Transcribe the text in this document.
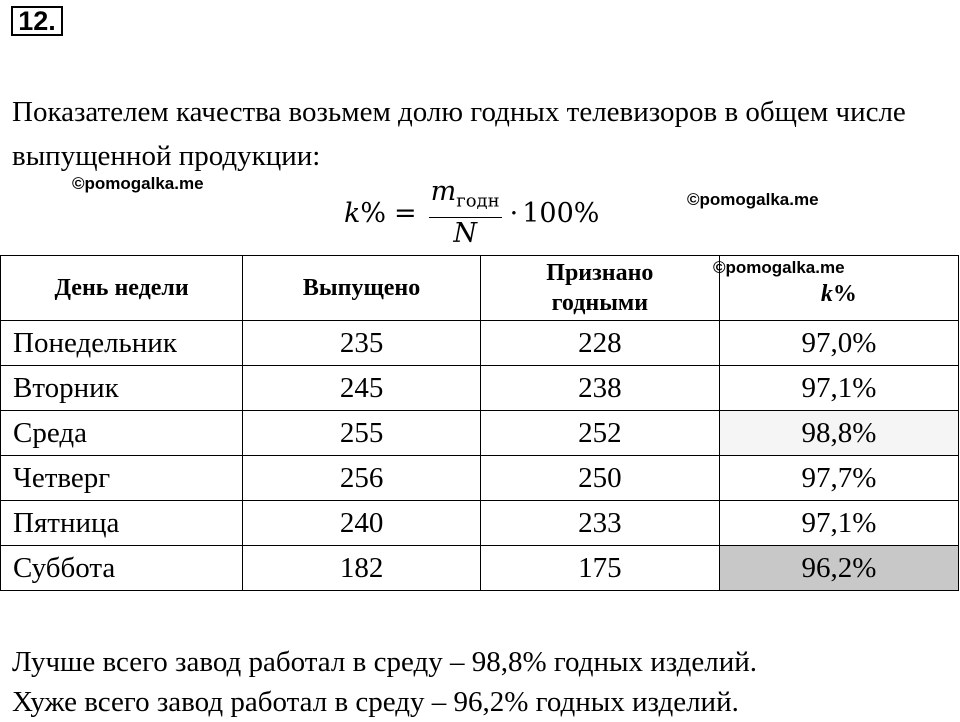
12.
Показателем качества возьмем долю годных телевизоров в общем числе выпущенной продукции:
©pomogalka.me
©pomogalka.me
©pomogalka.me
k % = $\frac{m_{годн}}{N} \cdot 100\%$
День недели	Выпущено	Признано годными	k%
Понедельник	235	228	97,0%
Вторник	245	238	97,1%
Среда	255	252	98,8%
Четверг	256	250	97,7%
Пятница	240	233	97,1%
Суббота	182	175	96,2%
Лучше всего завод работал в среду – 98,8% годных изделий.
Хуже всего завод работал в среду – 96,2% годных изделий.
